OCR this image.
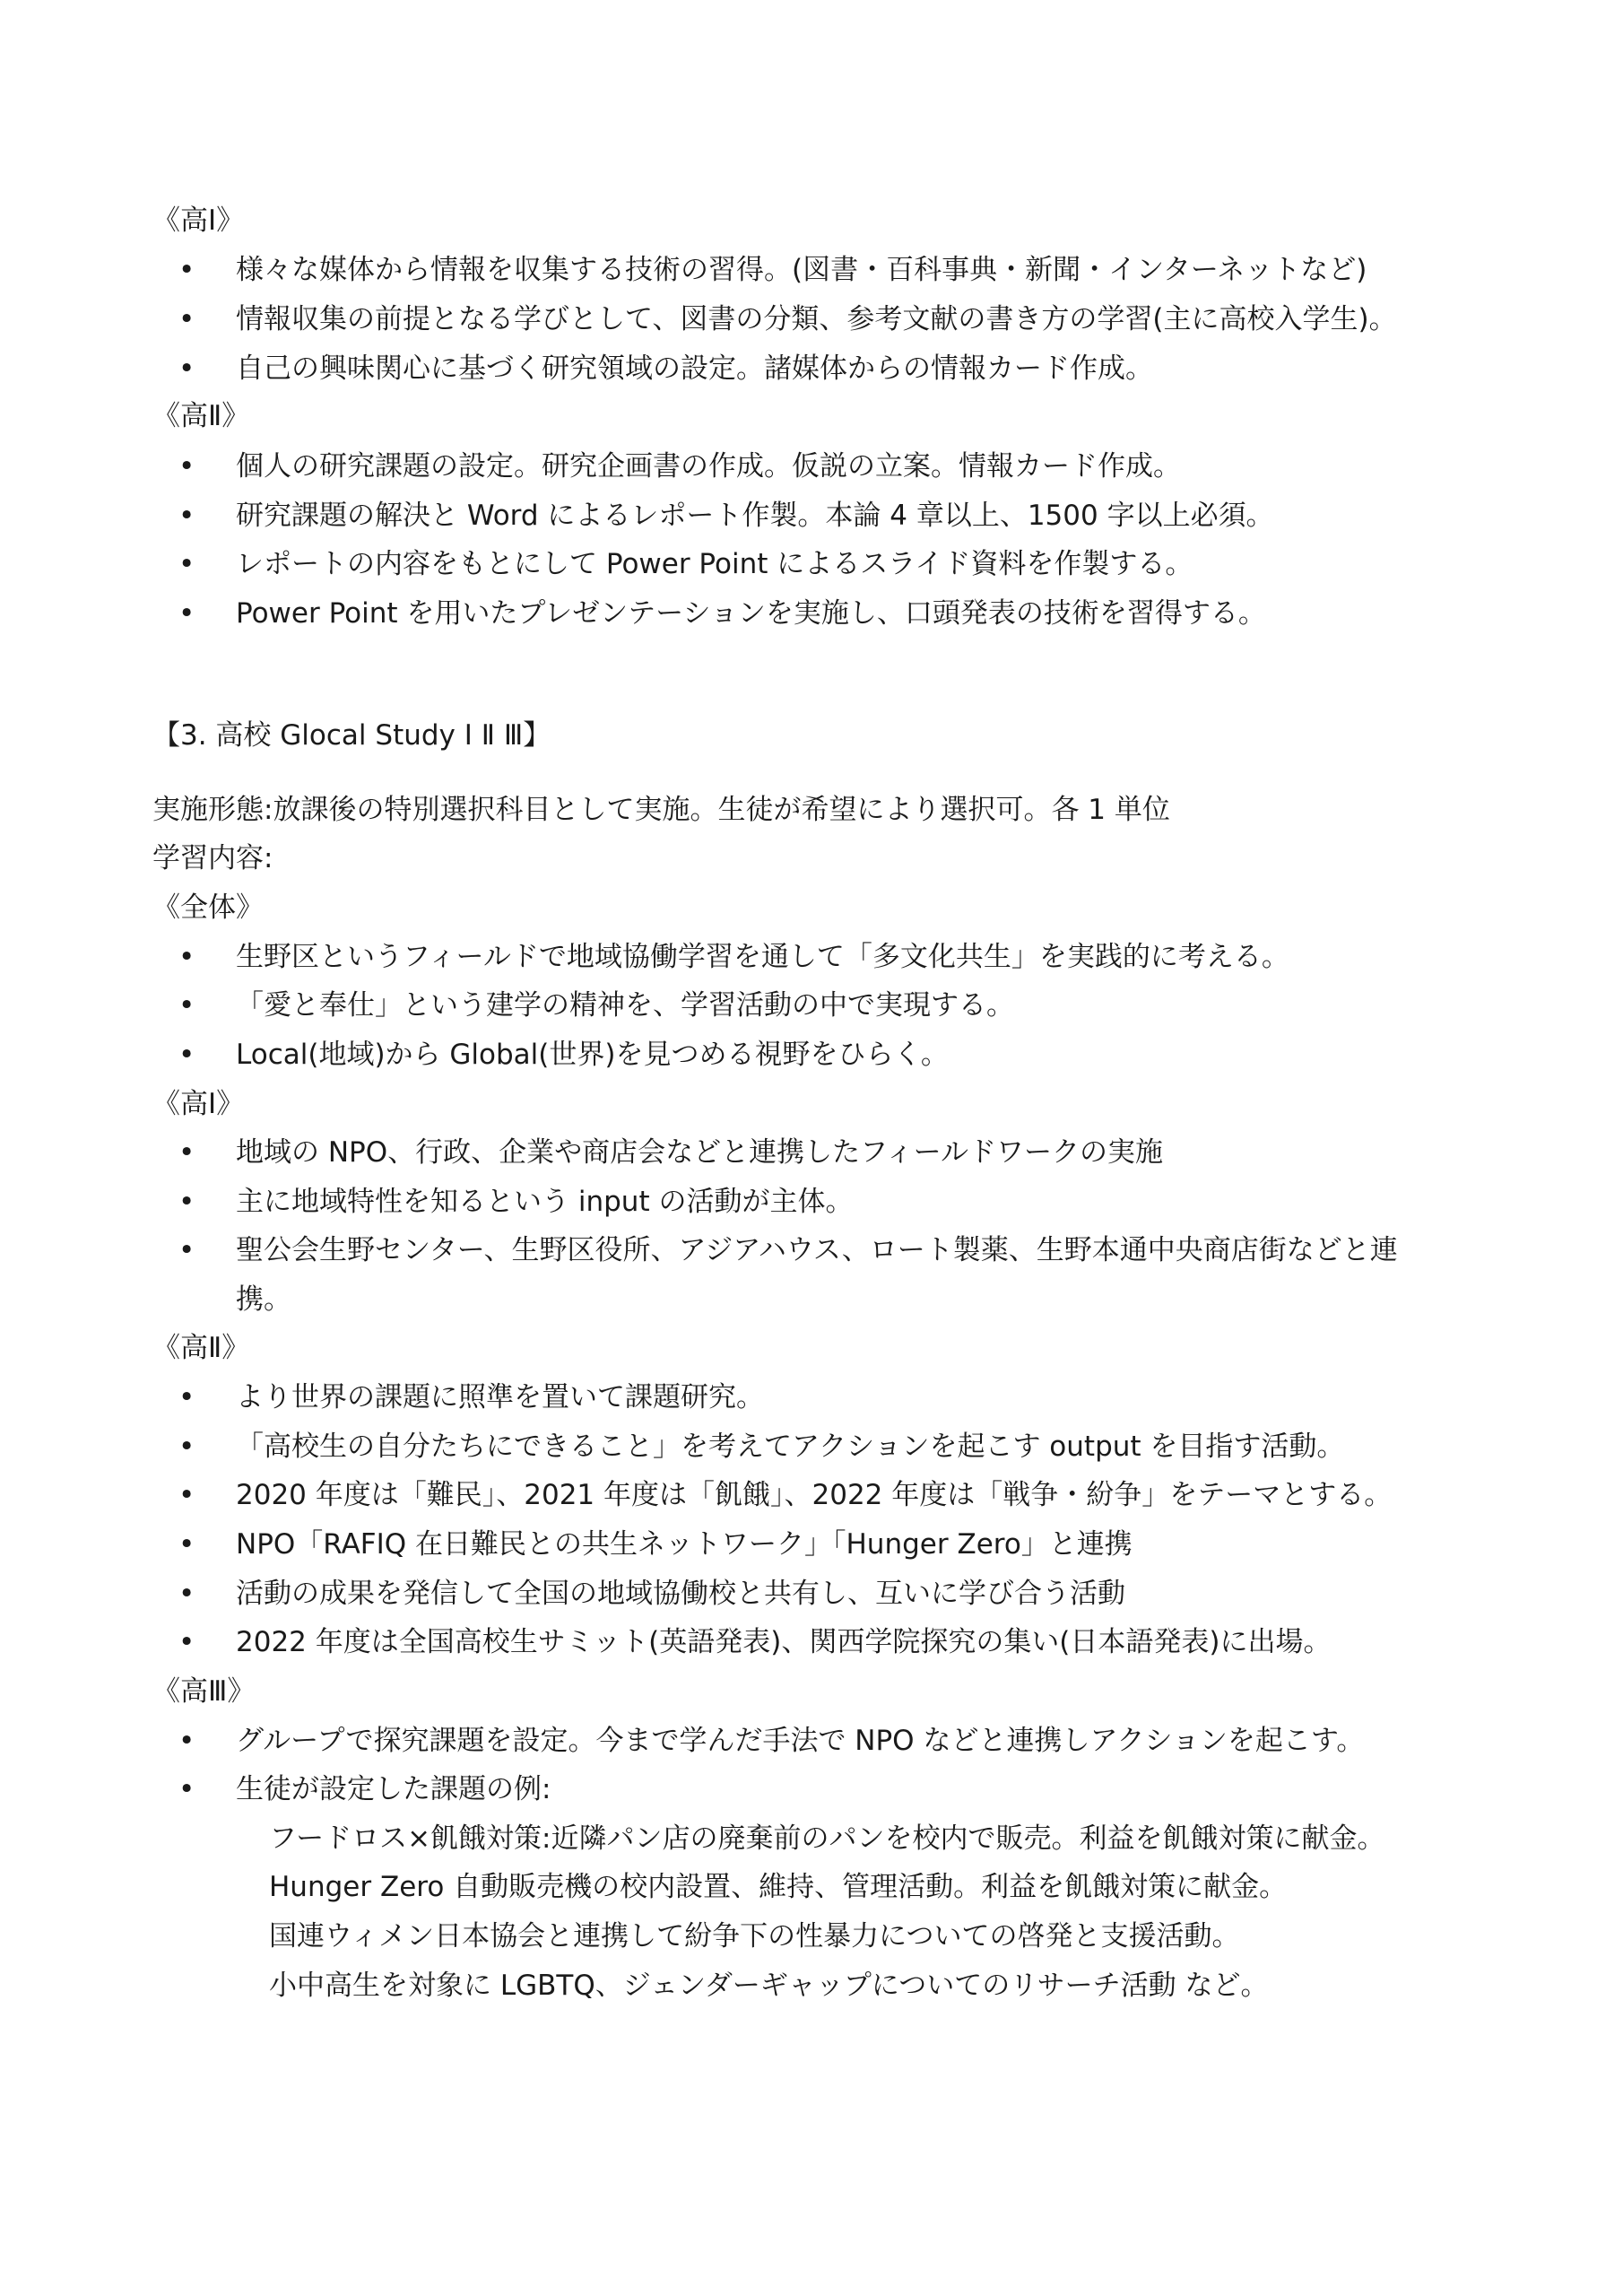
《高Ⅰ》
• 様々な媒体から情報を収集する技術の習得。(図書・百科事典・新聞・インターネットなど)
• 情報収集の前提となる学びとして、図書の分類、参考文献の書き方の学習(主に高校入学生)。
• 自己の興味関心に基づく研究領域の設定。諸媒体からの情報カード作成。
《高Ⅱ》
• 個人の研究課題の設定。研究企画書の作成。仮説の立案。情報カード作成。
• 研究課題の解決と Word によるレポート作製。本論 4 章以上、1500 字以上必須。
• レポートの内容をもとにして Power Point によるスライド資料を作製する。
• Power Point を用いたプレゼンテーションを実施し、口頭発表の技術を習得する。
【3. 高校 Glocal Study Ⅰ Ⅱ Ⅲ】
実施形態:放課後の特別選択科目として実施。生徒が希望により選択可。各 1 単位
学習内容:
《全体》
• 生野区というフィールドで地域協働学習を通して「多文化共生」を実践的に考える。
• 「愛と奉仕」という建学の精神を、学習活動の中で実現する。
• Local(地域)から Global(世界)を見つめる視野をひらく。
《高Ⅰ》
• 地域の NPO、行政、企業や商店会などと連携したフィールドワークの実施
• 主に地域特性を知るという input の活動が主体。
• 聖公会生野センター、生野区役所、アジアハウス、ロート製薬、生野本通中央商店街などと連
携。
《高Ⅱ》
• より世界の課題に照準を置いて課題研究。
• 「高校生の自分たちにできること」を考えてアクションを起こす output を目指す活動。
• 2020 年度は「難民」、2021 年度は「飢餓」、2022 年度は「戦争・紛争」をテーマとする。
• NPO「RAFIQ 在日難民との共生ネットワーク」「Hunger Zero」と連携
• 活動の成果を発信して全国の地域協働校と共有し、互いに学び合う活動
• 2022 年度は全国高校生サミット(英語発表)、関西学院探究の集い(日本語発表)に出場。
《高Ⅲ》
• グループで探究課題を設定。今まで学んだ手法で NPO などと連携しアクションを起こす。
• 生徒が設定した課題の例:
フードロス×飢餓対策:近隣パン店の廃棄前のパンを校内で販売。利益を飢餓対策に献金。
Hunger Zero 自動販売機の校内設置、維持、管理活動。利益を飢餓対策に献金。
国連ウィメン日本協会と連携して紛争下の性暴力についての啓発と支援活動。
小中高生を対象に LGBTQ、ジェンダーギャップについてのリサーチ活動 など。
